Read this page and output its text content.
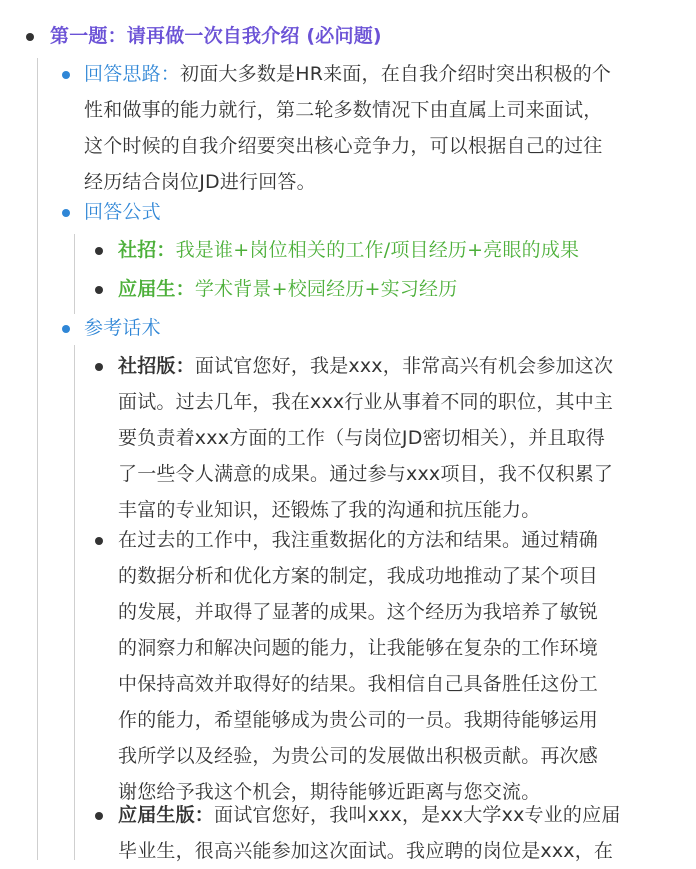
第一题：请再做一次自我介绍 (必问题)
回答思路：初面大多数是HR来面，在自我介绍时突出积极的个
性和做事的能力就行，第二轮多数情况下由直属上司来面试，
这个时候的自我介绍要突出核心竞争力，可以根据自己的过往
经历结合岗位JD进行回答。
回答公式
社招：我是谁+岗位相关的工作/项目经历+亮眼的成果
应届生：学术背景+校园经历+实习经历
参考话术
社招版：面试官您好，我是xxx，非常高兴有机会参加这次
面试。过去几年，我在xxx行业从事着不同的职位，其中主
要负责着xxx方面的工作（与岗位JD密切相关），并且取得
了一些令人满意的成果。通过参与xxx项目，我不仅积累了
丰富的专业知识，还锻炼了我的沟通和抗压能力。
在过去的工作中，我注重数据化的方法和结果。通过精确
的数据分析和优化方案的制定，我成功地推动了某个项目
的发展，并取得了显著的成果。这个经历为我培养了敏锐
的洞察力和解决问题的能力，让我能够在复杂的工作环境
中保持高效并取得好的结果。我相信自己具备胜任这份工
作的能力，希望能够成为贵公司的一员。我期待能够运用
我所学以及经验，为贵公司的发展做出积极贡献。再次感
谢您给予我这个机会，期待能够近距离与您交流。
应届生版：面试官您好，我叫xxx，是xx大学xx专业的应届
毕业生，很高兴能参加这次面试。我应聘的岗位是xxx，在
